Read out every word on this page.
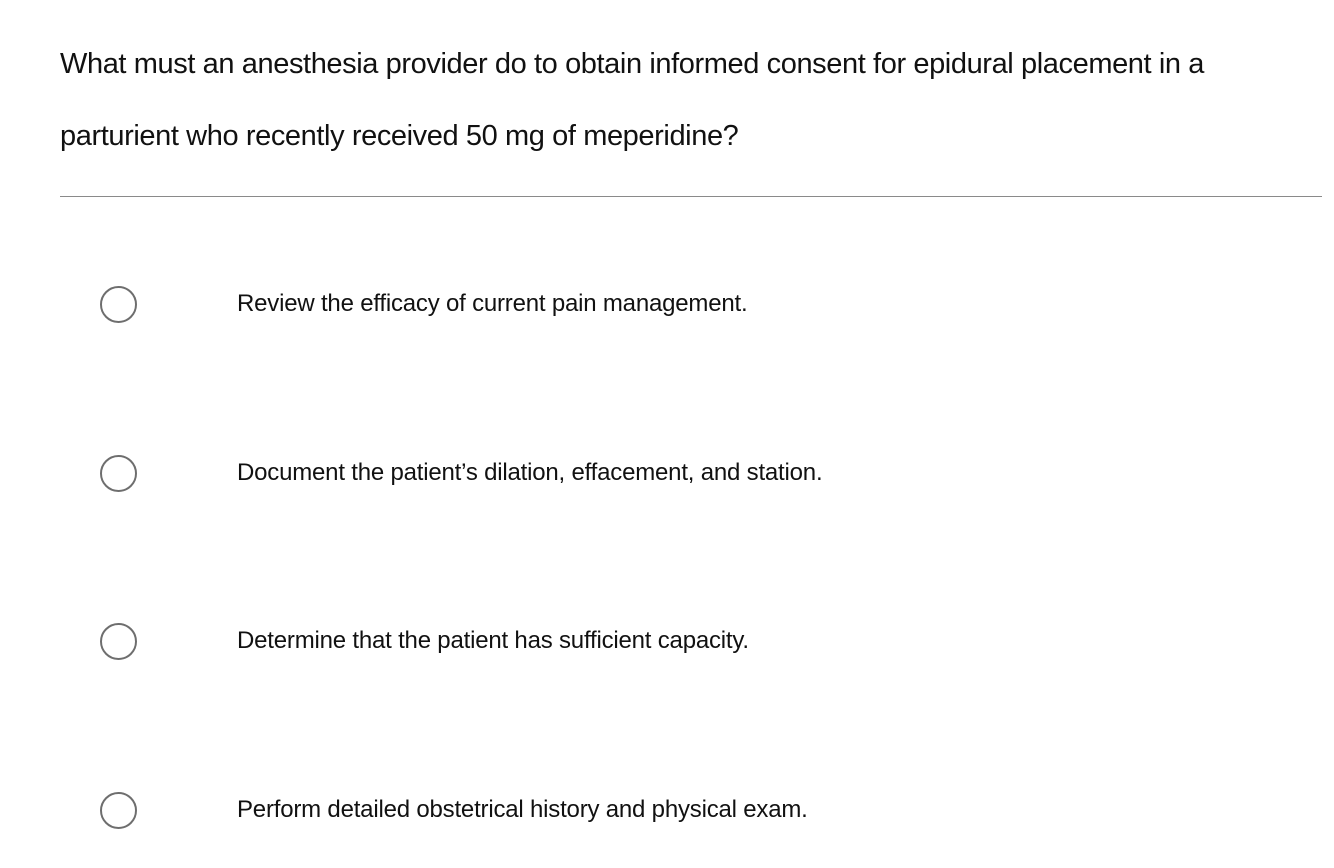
What must an anesthesia provider do to obtain informed consent for epidural placement in a parturient who recently received 50 mg of meperidine?

Review the efficacy of current pain management.
Document the patient’s dilation, effacement, and station.
Determine that the patient has sufficient capacity.
Perform detailed obstetrical history and physical exam.
